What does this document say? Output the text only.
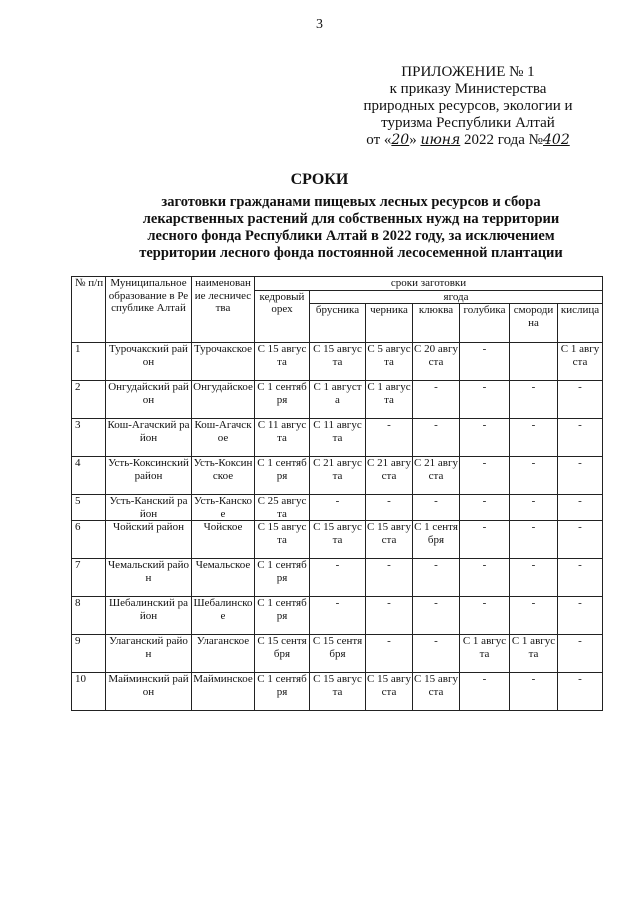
3
ПРИЛОЖЕНИЕ № 1
к приказу Министерства
природных ресурсов, экологии и
туризма Республики Алтай
от «20» июня 2022 года №402
СРОКИ
заготовки гражданами пищевых лесных ресурсов и сбора лекарственных растений для собственных нужд на территории лесного фонда Республики Алтай в 2022 году, за исключением территории лесного фонда постоянной лесосеменной плантации
№ п/п	Муниципальное образование в Республике Алтай	наименование лесничества	сроки заготовки						
			кедровый орех	ягода					
				брусника	черника	клюква	голубика	смородина	кислица
1	Турочакский район	Турочакское	С 15 августа	С 15 августа	С 5 августа	С 20 августа	-		С 1 августа
2	Онгудайский район	Онгудайское	С 1 сентября	С 1 августа	С 1 августа	-	-	-	-
3	Кош-Агачский район	Кош-Агачское	С 11 августа	С 11 августа	-	-	-	-	-
4	Усть-Коксинский район	Усть-Коксинское	С 1 сентября	С 21 августа	С 21 августа	С 21 августа	-	-	-
5	Усть-Канский район	Усть-Канское	С 25 августа	-	-	-	-	-	-
6	Чойский район	Чойское	С 15 августа	С 15 августа	С 15 августа	С 1 сентября	-	-	-
7	Чемальский район	Чемальское	С 1 сентября	-	-	-	-	-	-
8	Шебалинский район	Шебалинское	С 1 сентября	-	-	-	-	-	-
9	Улаганский район	Улаганское	С 15 сентября	С 15 сентября	-	-	С 1 августа	С 1 августа	-
10	Майминский район	Майминское	С 1 сентября	С 15 августа	С 15 августа	С 15 августа	-	-	-
